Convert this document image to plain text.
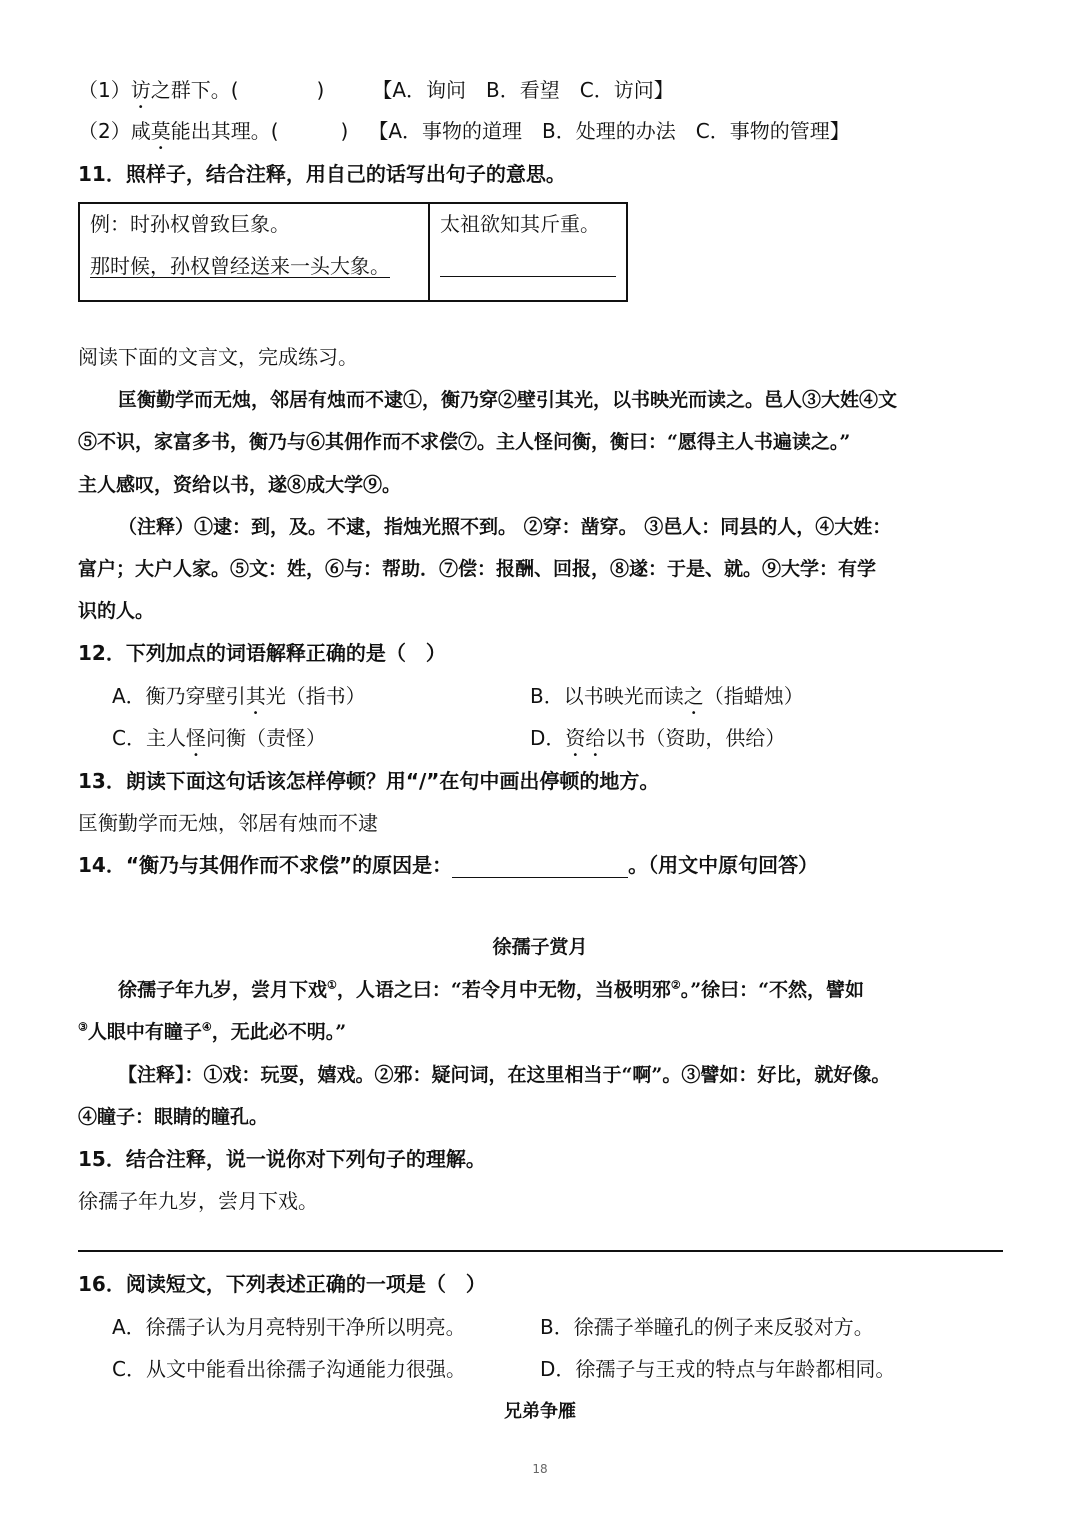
（1）访之群下。(	) 【A．询问　B．看望　C．访问】
（2）咸莫能出其理。(	) 【A．事物的道理　B．处理的办法　C．事物的管理】
11．照样子，结合注释，用自己的话写出句子的意思。
例：时孙权曾致巨象。
那时候，孙权曾经送来一头大象。

太祖欲知其斤重。
阅读下面的文言文，完成练习。
匡衡勤学而无烛，邻居有烛而不逮①，衡乃穿②壁引其光，以书映光而读之。邑人③大姓④文
⑤不识，家富多书，衡乃与⑥其佣作而不求偿⑦。主人怪问衡，衡曰：“愿得主人书遍读之。”
主人感叹，资给以书，遂⑧成大学⑨。
（注释）①逮：到，及。不逮，指烛光照不到。 ②穿：凿穿。 ③邑人：同县的人，④大姓：
富户；大户人家。⑤文：姓，⑥与：帮助．⑦偿：报酬、回报，⑧遂：于是、就。⑨大学：有学
识的人。
12．下列加点的词语解释正确的是（　）
A．衡乃穿壁引其光（指书）	B．以书映光而读之（指蜡烛）
C．主人怪问衡（责怪）	D．资给以书（资助，供给）
13．朗读下面这句话该怎样停顿？用“/”在句中画出停顿的地方。
匡衡勤学而无烛，邻居有烛而不逮
14．“衡乃与其佣作而不求偿”的原因是：	。（用文中原句回答）
徐孺子赏月
徐孺子年九岁，尝月下戏①，人语之曰：“若令月中无物，当极明邪②。”徐曰：“不然，譬如
③人眼中有瞳子④，无此必不明。”
【注释】：①戏：玩耍，嬉戏。②邪：疑问词，在这里相当于“啊”。③譬如：好比，就好像。
④瞳子：眼睛的瞳孔。
15．结合注释，说一说你对下列句子的理解。
徐孺子年九岁，尝月下戏。
16．阅读短文，下列表述正确的一项是（　）
A．徐孺子认为月亮特别干净所以明亮。	B．徐孺子举瞳孔的例子来反驳对方。
C．从文中能看出徐孺子沟通能力很强。	D．徐孺子与王戎的特点与年龄都相同。
兄弟争雁
18
